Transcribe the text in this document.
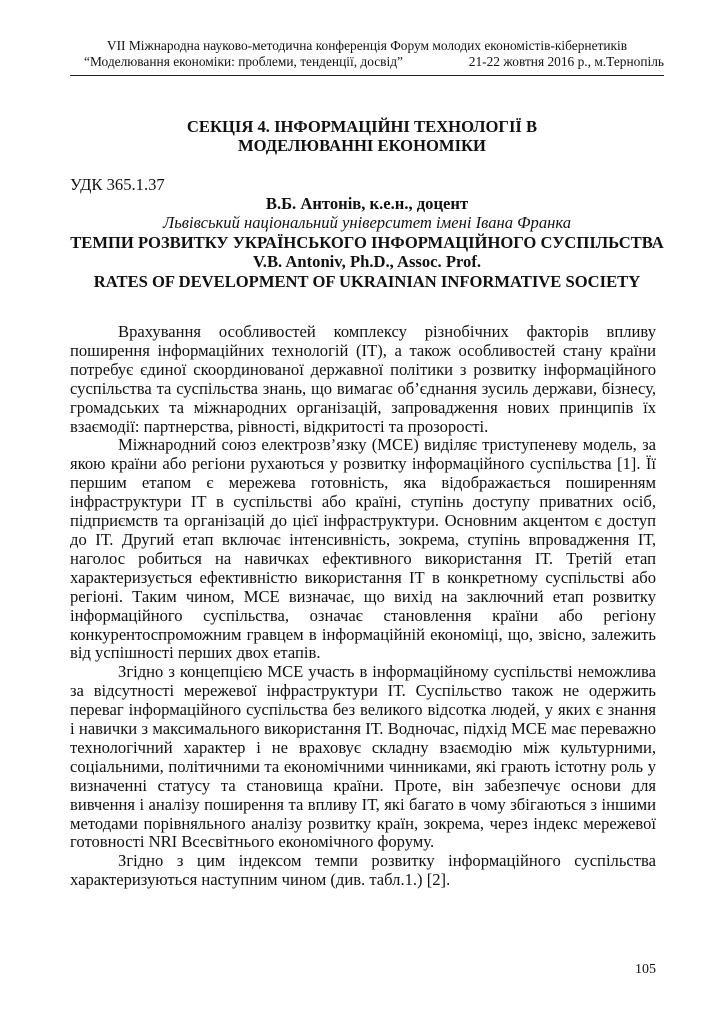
VІІ Міжнародна науково-методична конференція Форум молодих економістів-кібернетиків
“Моделювання економіки: проблеми, тенденції, досвід”	21-22 жовтня 2016 р., м.Тернопіль
СЕКЦІЯ 4. ІНФОРМАЦІЙНІ ТЕХНОЛОГІЇ В МОДЕЛЮВАННІ ЕКОНОМІКИ
УДК 365.1.37
В.Б. Антонів, к.е.н., доцент
Львівський національний університет імені Івана Франка
ТЕМПИ РОЗВИТКУ УКРАЇНСЬКОГО ІНФОРМАЦІЙНОГО СУСПІЛЬСТВА
V.B. Antoniv, Ph.D., Assoc. Prof.
RATES OF DEVELOPMENT OF UKRAINIAN INFORMATIVE SOCIETY

Врахування особливостей комплексу різнобічних факторів впливу поширення інформаційних технологій (ІТ), а також особливостей стану країни потребує єдиної скоординованої державної політики з розвитку інформаційного суспільства та суспільства знань, що вимагає об’єднання зусиль держави, бізнесу, громадських та міжнародних організацій, запровадження нових принципів їх взаємодії: партнерства, рівності, відкритості та прозорості.

Міжнародний союз електрозв’язку (МСЕ) виділяє триступеневу модель, за якою країни або регіони рухаються у розвитку інформаційного суспільства [1]. Її першим етапом є мережева готовність, яка відображається поширенням інфраструктури ІТ в суспільстві або країні, ступінь доступу приватних осіб, підприємств та організацій до цієї інфраструктури. Основним акцентом є доступ до ІТ. Другий етап включає інтенсивність, зокрема, ступінь впровадження ІТ, наголос робиться на навичках ефективного використання ІТ. Третій етап характеризується ефективністю використання ІТ в конкретному суспільстві або регіоні. Таким чином, МСЕ визначає, що вихід на заключний етап розвитку інформаційного суспільства, означає становлення країни або регіону конкурентоспроможним гравцем в інформаційній економіці, що, звісно, залежить від успішності перших двох етапів.

Згідно з концепцією МСЕ участь в інформаційному суспільстві неможлива за відсутності мережевої інфраструктури ІТ. Суспільство також не одержить переваг інформаційного суспільства без великого відсотка людей, у яких є знання і навички з максимального використання ІТ. Водночас, підхід МСЕ має переважно технологічний характер і не враховує складну взаємодію між культурними, соціальними, політичними та економічними чинниками, які грають істотну роль у визначенні статусу та становища країни. Проте, він забезпечує основи для вивчення і аналізу поширення та впливу ІТ, які багато в чому збігаються з іншими методами порівняльного аналізу розвитку країн, зокрема, через індекс мережевої готовності NRI Всесвітнього економічного форуму.

Згідно з цим індексом темпи розвитку інформаційного суспільства характеризуються наступним чином (див. табл.1.) [2].

105
